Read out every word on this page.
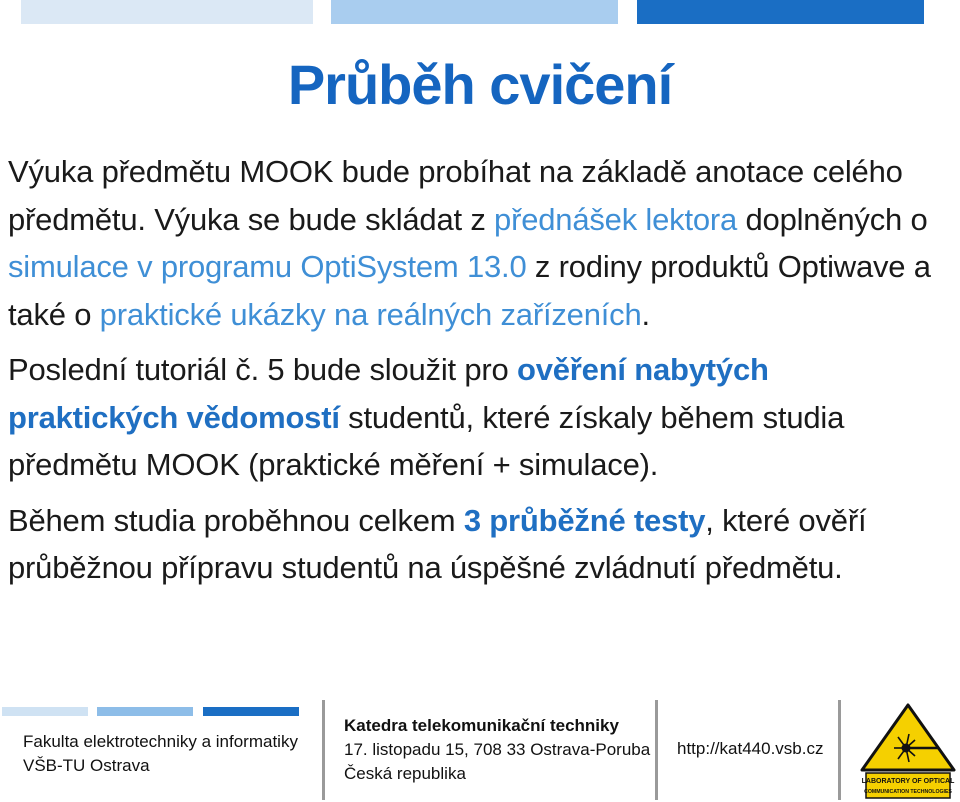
Průběh cvičení

Výuka předmětu MOOK bude probíhat na základě anotace celého předmětu. Výuka se bude skládat z přednášek lektora doplněných o simulace v programu OptiSystem 13.0 z rodiny produktů Optiwave a také o praktické ukázky na reálných zařízeních.

Poslední tutoriál č. 5 bude sloužit pro ověření nabytých praktických vědomostí studentů, které získaly během studia předmětu MOOK (praktické měření + simulace).

Během studia proběhnou celkem 3 průběžné testy, které ověří průběžnou přípravu studentů na úspěšné zvládnutí předmětu.

Fakulta elektrotechniky a informatiky
VŠB-TU Ostrava
Katedra telekomunikační techniky
17. listopadu 15, 708 33 Ostrava-Poruba
Česká republika
http://kat440.vsb.cz
LABORATORY OF OPTICAL
COMMUNICATION TECHNOLOGIES
